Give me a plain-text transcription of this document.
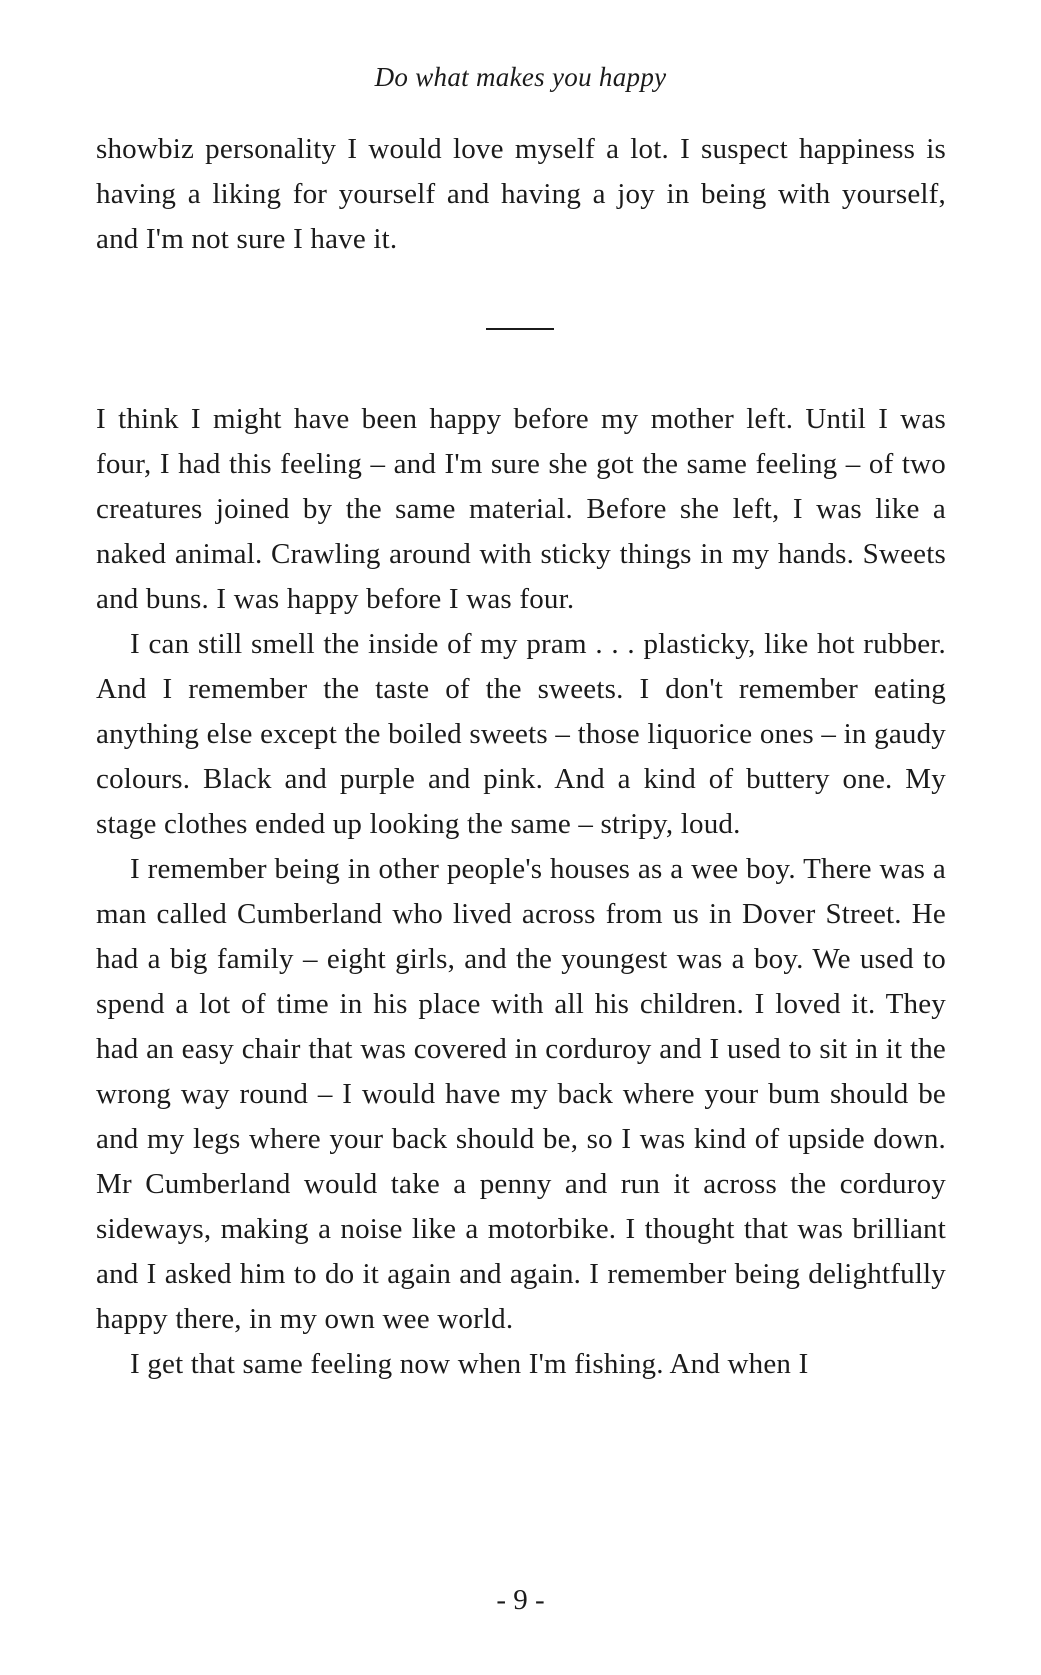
Do what makes you happy

showbiz personality I would love myself a lot. I suspect happiness is having a liking for yourself and having a joy in being with yourself, and I'm not sure I have it.

I think I might have been happy before my mother left. Until I was four, I had this feeling – and I'm sure she got the same feeling – of two creatures joined by the same material. Before she left, I was like a naked animal. Crawling around with sticky things in my hands. Sweets and buns. I was happy before I was four.

I can still smell the inside of my pram . . . plasticky, like hot rubber. And I remember the taste of the sweets. I don't remember eating anything else except the boiled sweets – those liquorice ones – in gaudy colours. Black and purple and pink. And a kind of buttery one. My stage clothes ended up looking the same – stripy, loud.

I remember being in other people's houses as a wee boy. There was a man called Cumberland who lived across from us in Dover Street. He had a big family – eight girls, and the youngest was a boy. We used to spend a lot of time in his place with all his children. I loved it. They had an easy chair that was covered in corduroy and I used to sit in it the wrong way round – I would have my back where your bum should be and my legs where your back should be, so I was kind of upside down. Mr Cumberland would take a penny and run it across the corduroy sideways, making a noise like a motorbike. I thought that was brilliant and I asked him to do it again and again. I remember being delightfully happy there, in my own wee world.

I get that same feeling now when I'm fishing. And when I

- 9 -
